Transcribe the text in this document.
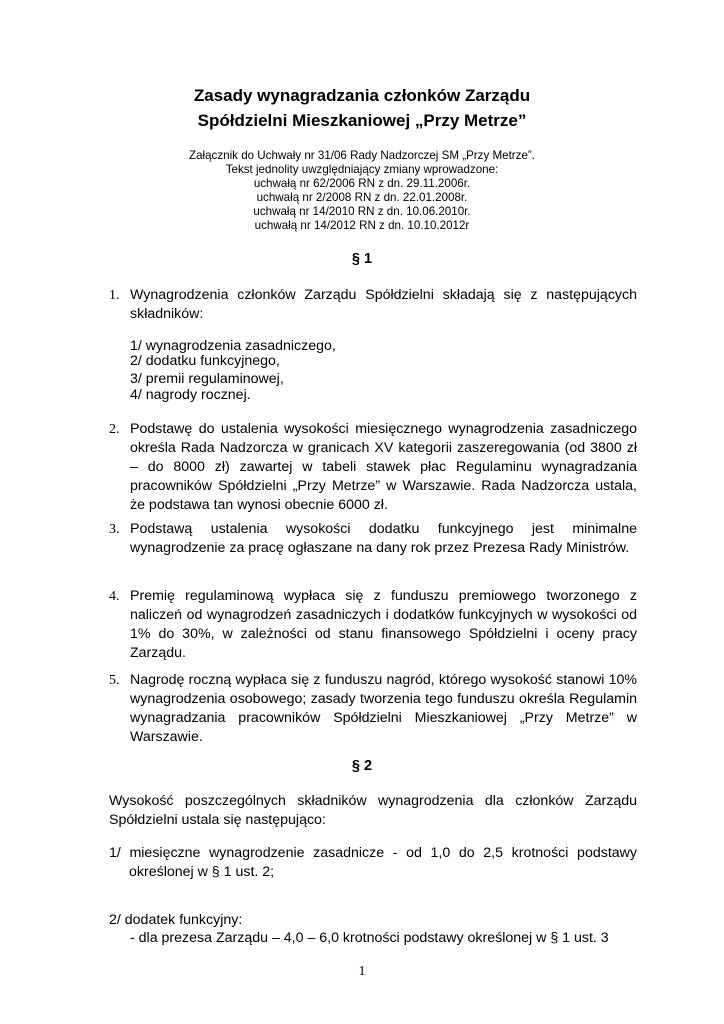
Zasady wynagradzania członków Zarządu
Spółdzielni Mieszkaniowej „Przy Metrze”
Załącznik do Uchwały nr 31/06 Rady Nadzorczej SM „Przy Metrze”.
Tekst jednolity uwzględniający zmiany wprowadzone:
uchwałą nr 62/2006 RN z dn. 29.11.2006r.
uchwałą nr 2/2008 RN z dn. 22.01.2008r.
uchwałą nr 14/2010 RN z dn. 10.06.2010r.
uchwałą nr 14/2012 RN z dn. 10.10.2012r
§ 1
1. Wynagrodzenia członków Zarządu Spółdzielni składają się z następujących składników:
1/ wynagrodzenia zasadniczego,
2/ dodatku funkcyjnego,
3/ premii regulaminowej,
4/ nagrody rocznej.
2. Podstawę do ustalenia wysokości miesięcznego wynagrodzenia zasadniczego określa Rada Nadzorcza w granicach XV kategorii zaszeregowania (od 3800 zł – do 8000 zł) zawartej w tabeli stawek płac Regulaminu wynagradzania pracowników Spółdzielni „Przy Metrze” w Warszawie. Rada Nadzorcza ustala, że podstawa tan wynosi obecnie 6000 zł.
3. Podstawą ustalenia wysokości dodatku funkcyjnego jest minimalne wynagrodzenie za pracę ogłaszane na dany rok przez Prezesa Rady Ministrów.
4. Premię regulaminową wypłaca się z funduszu premiowego tworzonego z naliczeń od wynagrodzeń zasadniczych i dodatków funkcyjnych w wysokości od 1% do 30%, w zależności od stanu finansowego Spółdzielni i oceny pracy Zarządu.
5. Nagrodę roczną wypłaca się z funduszu nagród, którego wysokość stanowi 10% wynagrodzenia osobowego; zasady tworzenia tego funduszu określa Regulamin wynagradzania pracowników Spółdzielni Mieszkaniowej „Przy Metrze” w Warszawie.
§ 2
Wysokość poszczególnych składników wynagrodzenia dla członków Zarządu Spółdzielni ustala się następująco:
1/ miesięczne wynagrodzenie zasadnicze - od 1,0 do 2,5 krotności podstawy określonej w § 1 ust. 2;
2/ dodatek funkcyjny:
- dla prezesa Zarządu – 4,0 – 6,0 krotności podstawy określonej w § 1 ust. 3
1
